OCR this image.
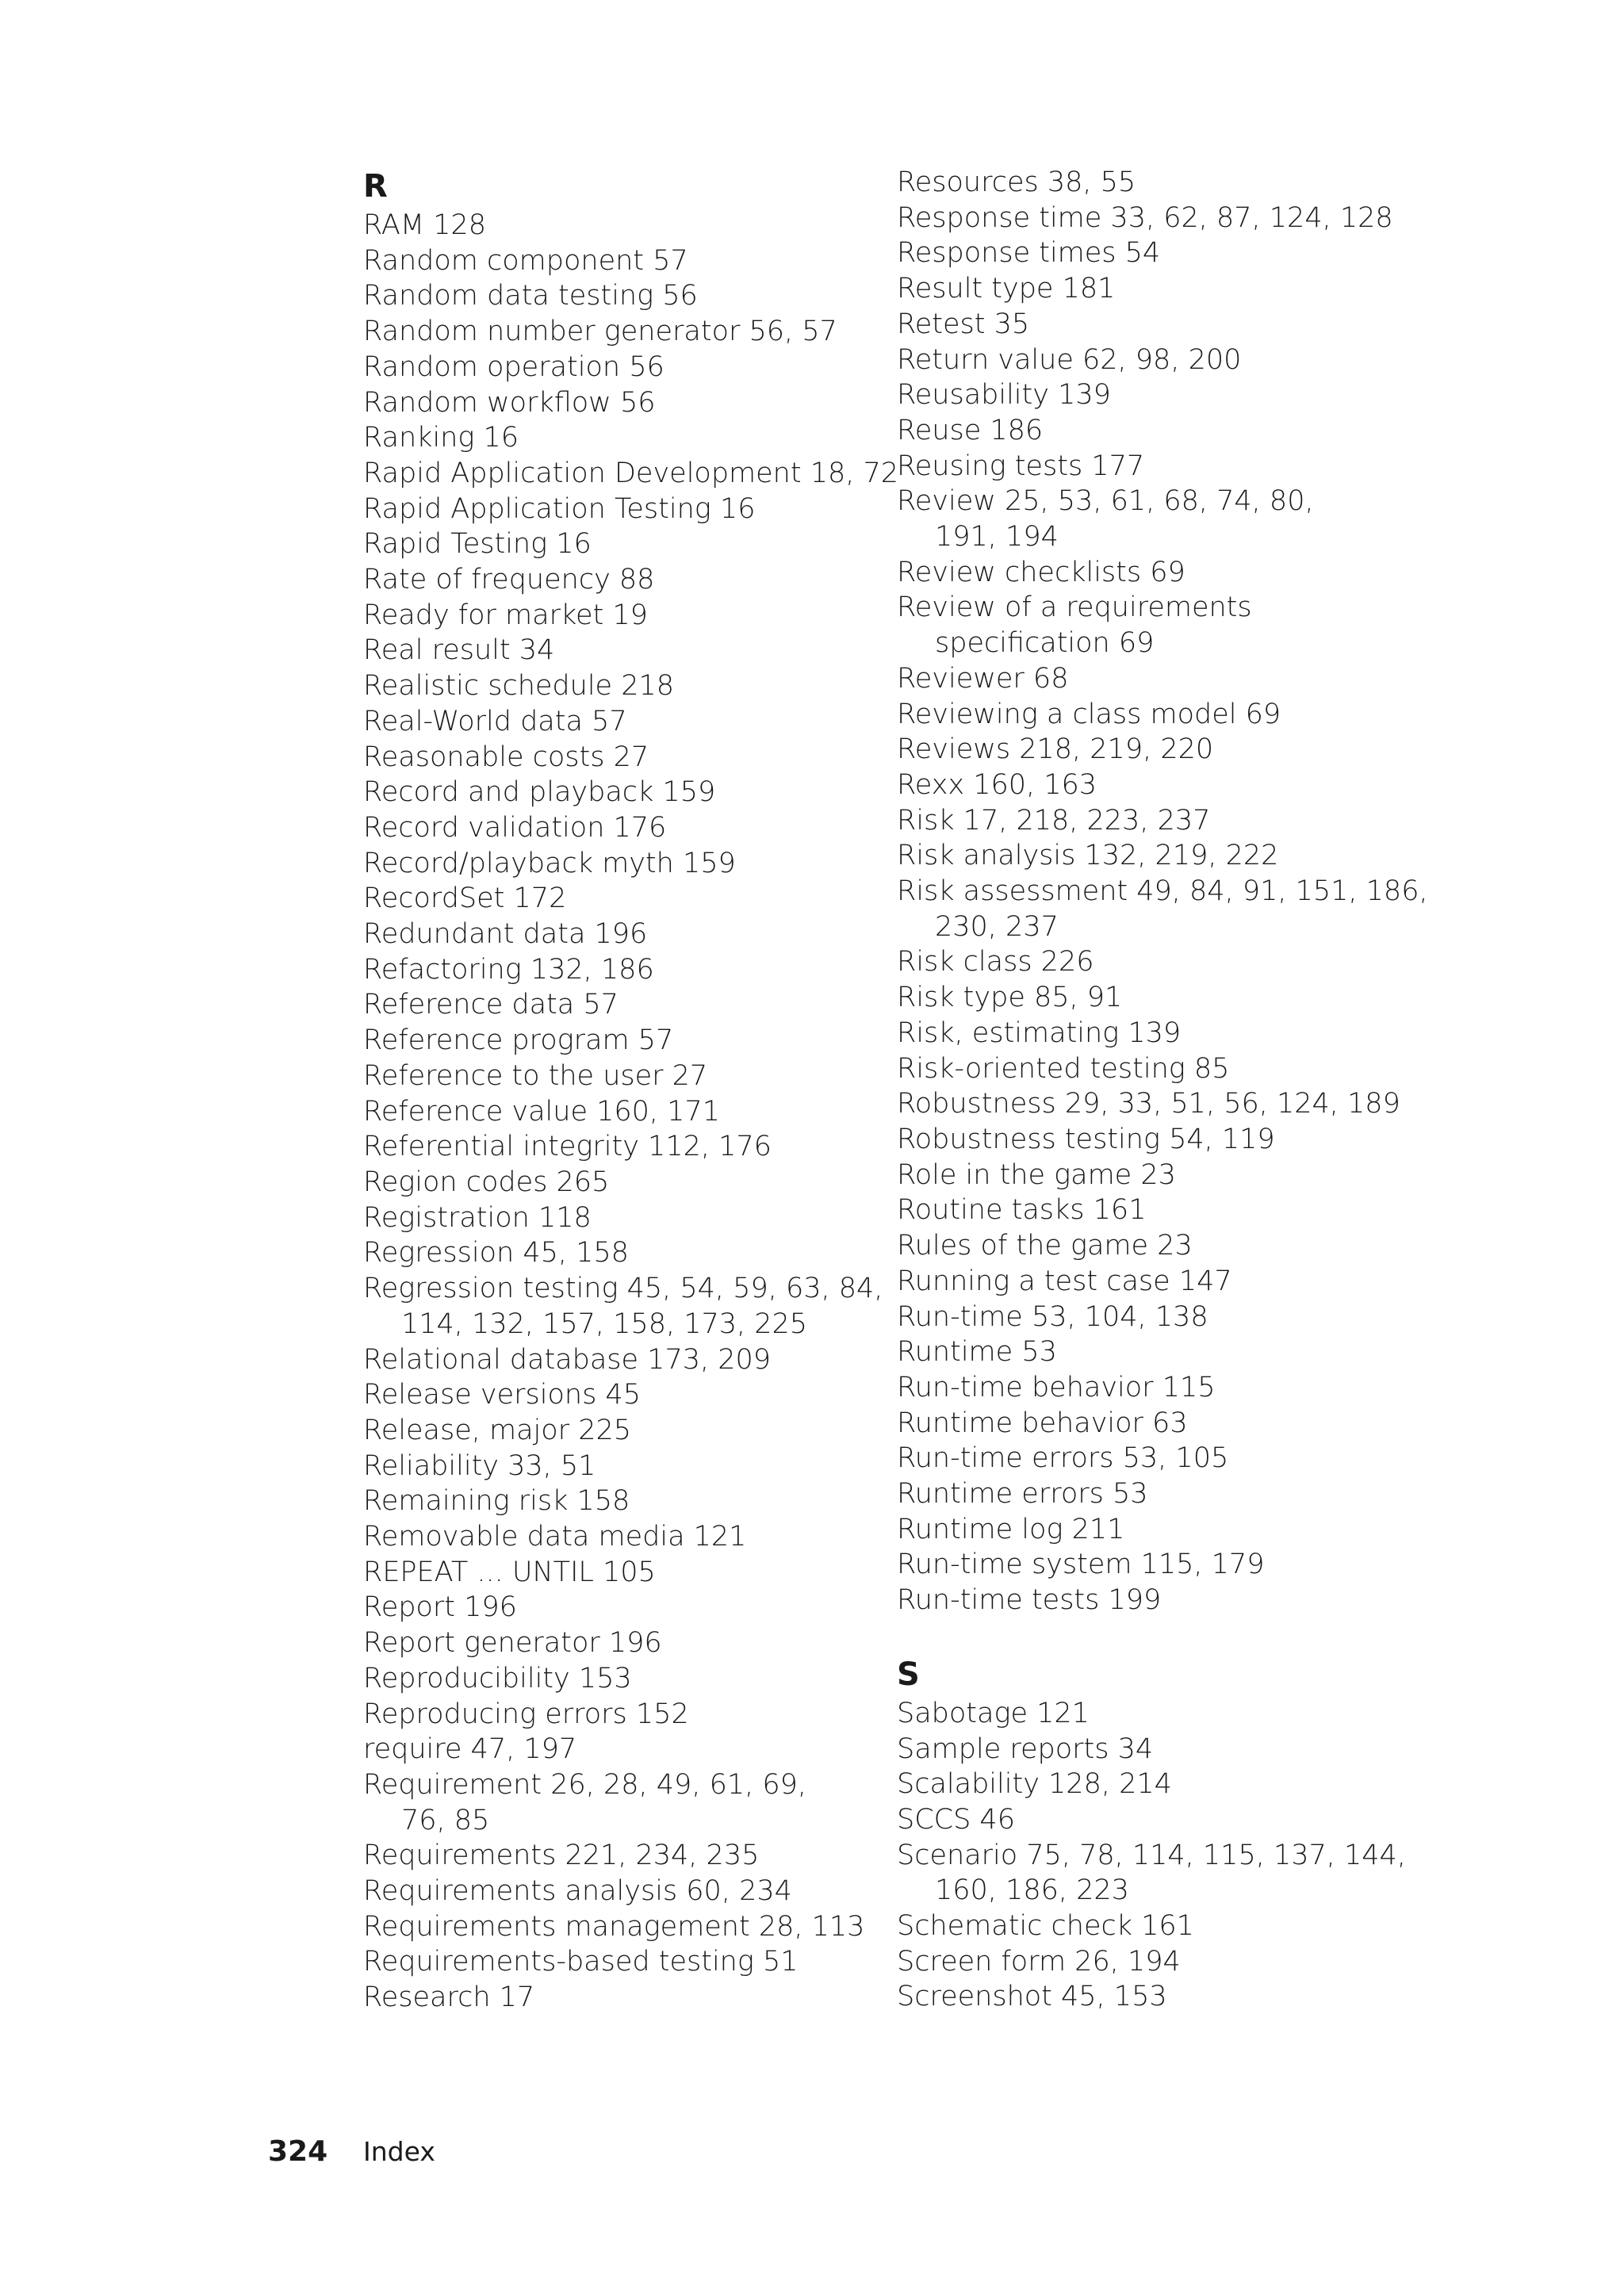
R
RAM 128
Random component 57
Random data testing 56
Random number generator 56, 57
Random operation 56
Random workflow 56
Ranking 16
Rapid Application Development 18, 72
Rapid Application Testing 16
Rapid Testing 16
Rate of frequency 88
Ready for market 19
Real result 34
Realistic schedule 218
Real-World data 57
Reasonable costs 27
Record and playback 159
Record validation 176
Record/playback myth 159
RecordSet 172
Redundant data 196
Refactoring 132, 186
Reference data 57
Reference program 57
Reference to the user 27
Reference value 160, 171
Referential integrity 112, 176
Region codes 265
Registration 118
Regression 45, 158
Regression testing 45, 54, 59, 63, 84,
114, 132, 157, 158, 173, 225
Relational database 173, 209
Release versions 45
Release, major 225
Reliability 33, 51
Remaining risk 158
Removable data media 121
REPEAT ... UNTIL 105
Report 196
Report generator 196
Reproducibility 153
Reproducing errors 152
require 47, 197
Requirement 26, 28, 49, 61, 69,
76, 85
Requirements 221, 234, 235
Requirements analysis 60, 234
Requirements management 28, 113
Requirements-based testing 51
Research 17
Resources 38, 55
Response time 33, 62, 87, 124, 128
Response times 54
Result type 181
Retest 35
Return value 62, 98, 200
Reusability 139
Reuse 186
Reusing tests 177
Review 25, 53, 61, 68, 74, 80,
191, 194
Review checklists 69
Review of a requirements
specification 69
Reviewer 68
Reviewing a class model 69
Reviews 218, 219, 220
Rexx 160, 163
Risk 17, 218, 223, 237
Risk analysis 132, 219, 222
Risk assessment 49, 84, 91, 151, 186,
230, 237
Risk class 226
Risk type 85, 91
Risk, estimating 139
Risk-oriented testing 85
Robustness 29, 33, 51, 56, 124, 189
Robustness testing 54, 119
Role in the game 23
Routine tasks 161
Rules of the game 23
Running a test case 147
Run-time 53, 104, 138
Runtime 53
Run-time behavior 115
Runtime behavior 63
Run-time errors 53, 105
Runtime errors 53
Runtime log 211
Run-time system 115, 179
Run-time tests 199
S
Sabotage 121
Sample reports 34
Scalability 128, 214
SCCS 46
Scenario 75, 78, 114, 115, 137, 144,
160, 186, 223
Schematic check 161
Screen form 26, 194
Screenshot 45, 153
324	Index
